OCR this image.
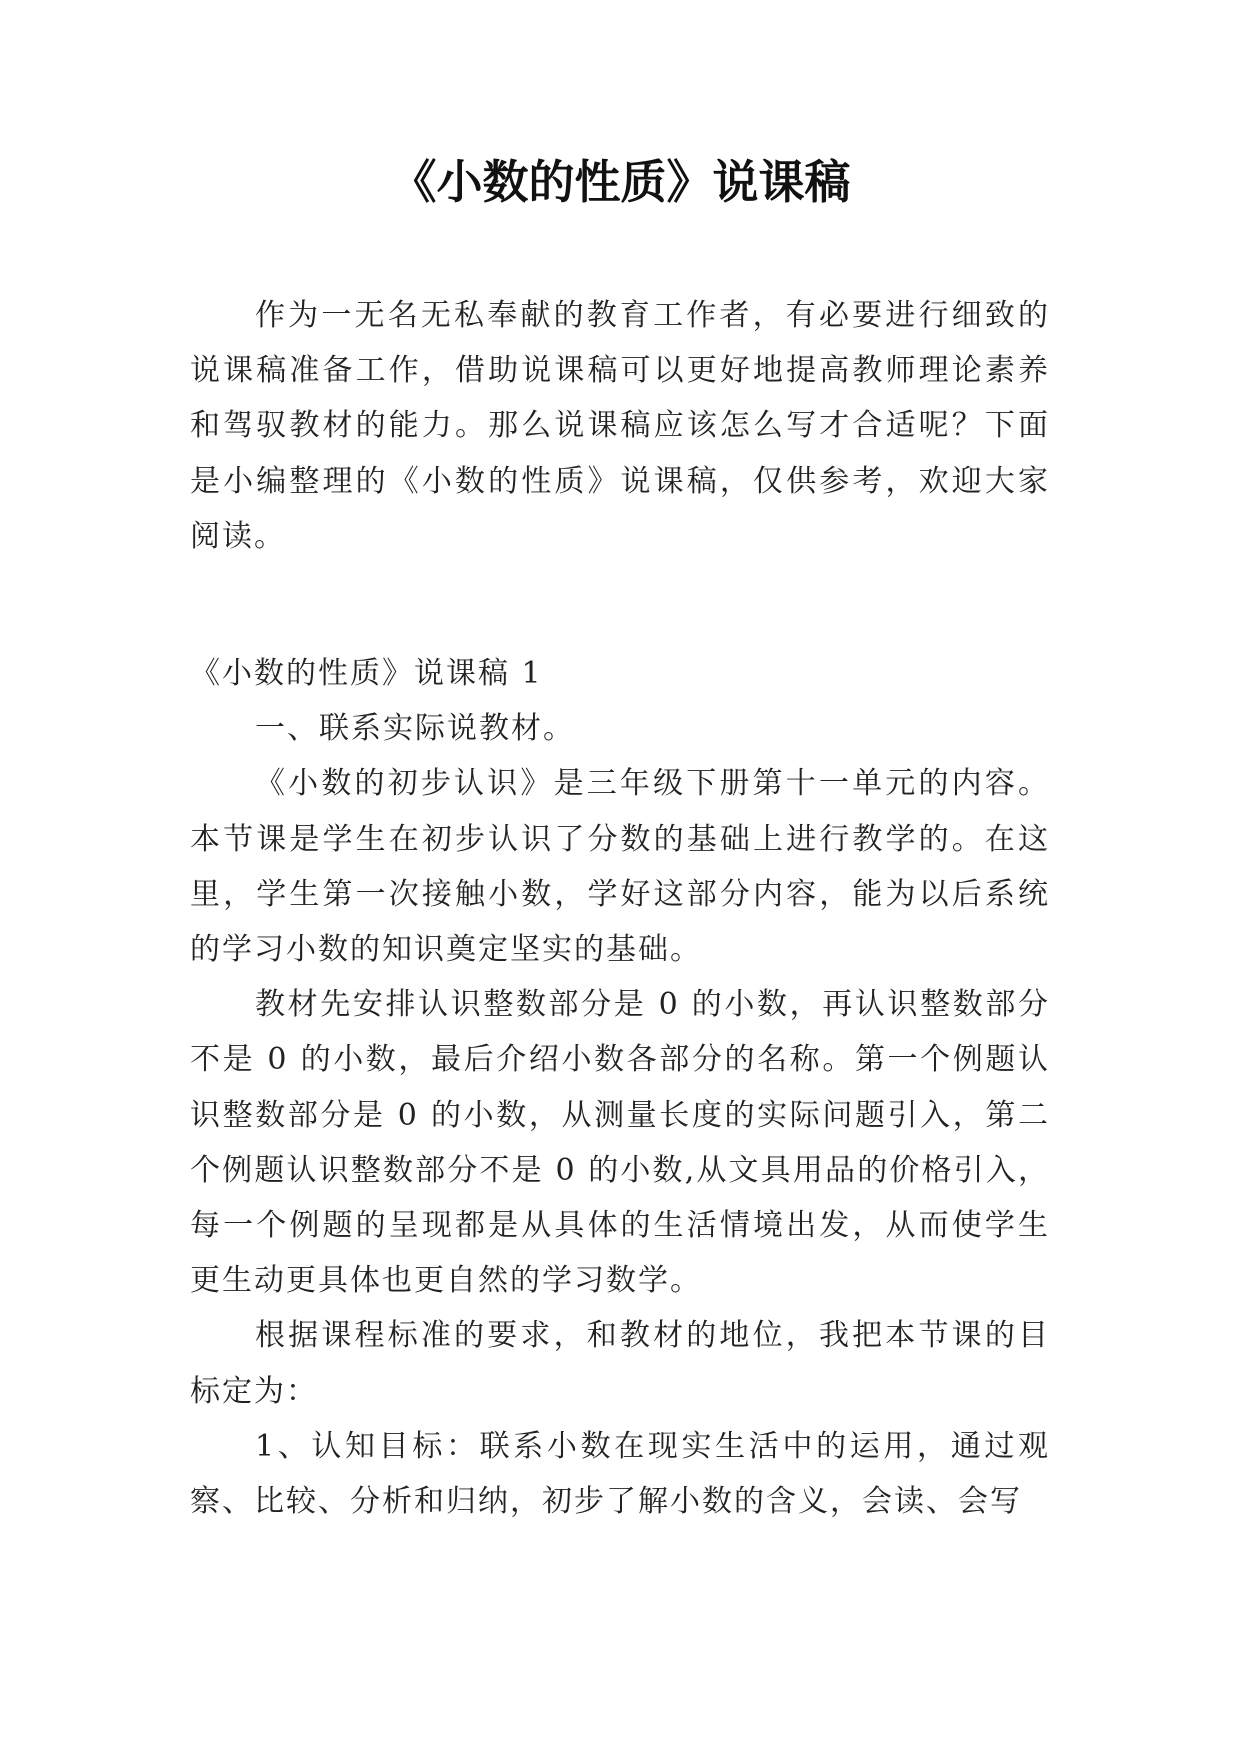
《小数的性质》说课稿

作为一无名无私奉献的教育工作者，有必要进行细致的说课稿准备工作，借助说课稿可以更好地提高教师理论素养和驾驭教材的能力。那么说课稿应该怎么写才合适呢？下面是小编整理的《小数的性质》说课稿，仅供参考，欢迎大家阅读。

《小数的性质》说课稿 1

一、联系实际说教材。

《小数的初步认识》是三年级下册第十一单元的内容。本节课是学生在初步认识了分数的基础上进行教学的。在这里，学生第一次接触小数，学好这部分内容，能为以后系统的学习小数的知识奠定坚实的基础。

教材先安排认识整数部分是 0 的小数，再认识整数部分不是 0 的小数，最后介绍小数各部分的名称。第一个例题认识整数部分是 0 的小数，从测量长度的实际问题引入，第二个例题认识整数部分不是 0 的小数,从文具用品的价格引入，每一个例题的呈现都是从具体的生活情境出发，从而使学生更生动更具体也更自然的学习数学。

根据课程标准的要求，和教材的地位，我把本节课的目标定为：

1、认知目标：联系小数在现实生活中的运用，通过观察、比较、分析和归纳，初步了解小数的含义，会读、会写
